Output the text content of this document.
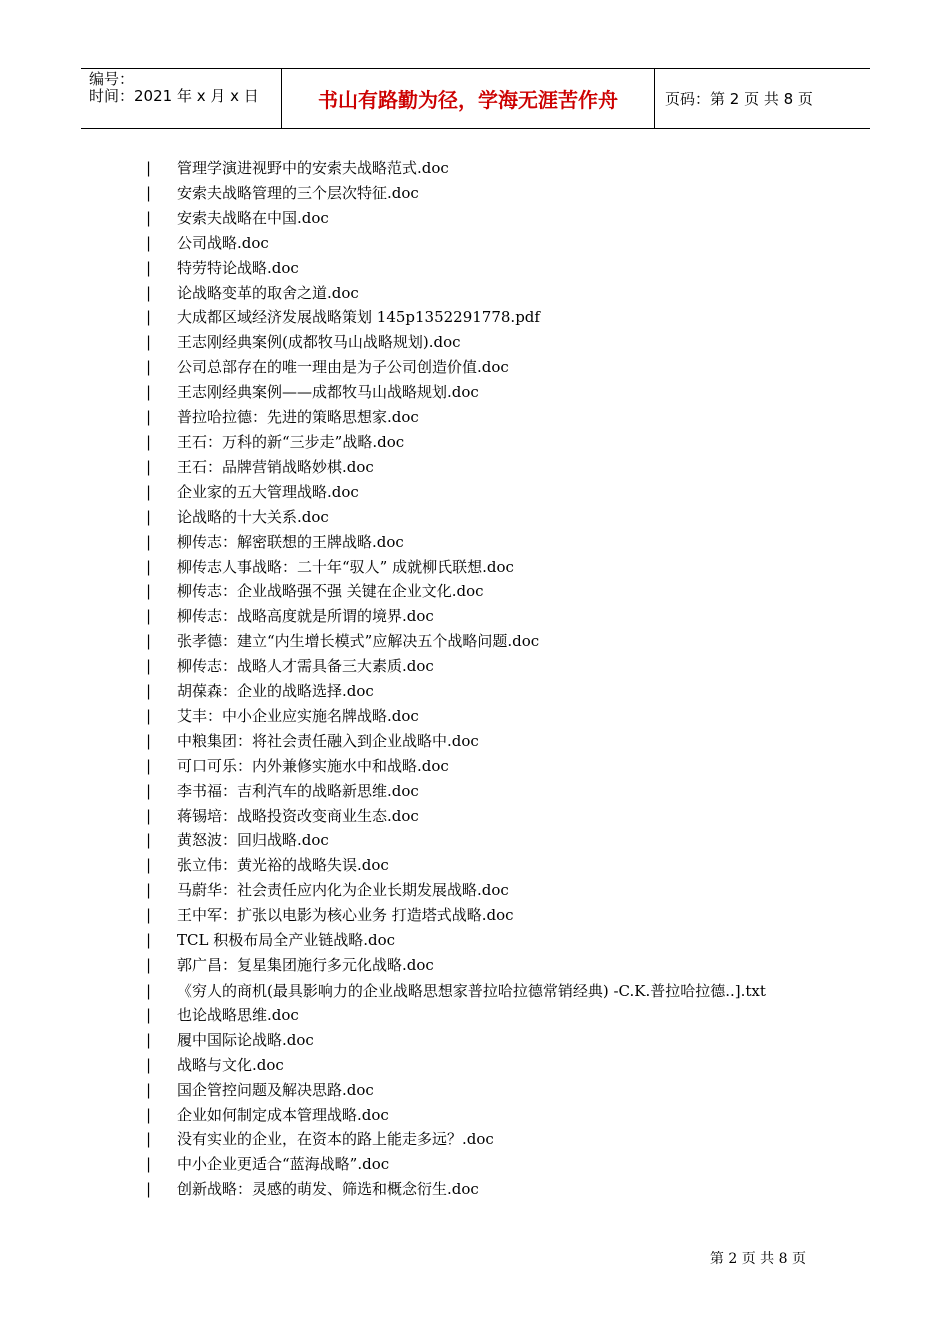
编号：
时间：2021 年 x 月 x 日	书山有路勤为径，学海无涯苦作舟	页码：第 2 页 共 8 页
| 管理学演进视野中的安索夫战略范式.doc
| 安索夫战略管理的三个层次特征.doc
| 安索夫战略在中国.doc
| 公司战略.doc
| 特劳特论战略.doc
| 论战略变革的取舍之道.doc
| 大成都区域经济发展战略策划 145p1352291778.pdf
| 王志刚经典案例(成都牧马山战略规划).doc
| 公司总部存在的唯一理由是为子公司创造价值.doc
| 王志刚经典案例——成都牧马山战略规划.doc
| 普拉哈拉德：先进的策略思想家.doc
| 王石：万科的新“三步走”战略.doc
| 王石：品牌营销战略妙棋.doc
| 企业家的五大管理战略.doc
| 论战略的十大关系.doc
| 柳传志：解密联想的王牌战略.doc
| 柳传志人事战略：二十年“驭人” 成就柳氏联想.doc
| 柳传志：企业战略强不强 关键在企业文化.doc
| 柳传志：战略高度就是所谓的境界.doc
| 张孝德：建立“内生增长模式”应解决五个战略问题.doc
| 柳传志：战略人才需具备三大素质.doc
| 胡葆森：企业的战略选择.doc
| 艾丰：中小企业应实施名牌战略.doc
| 中粮集团：将社会责任融入到企业战略中.doc
| 可口可乐：内外兼修实施水中和战略.doc
| 李书福：吉利汽车的战略新思维.doc
| 蒋锡培：战略投资改变商业生态.doc
| 黄怒波：回归战略.doc
| 张立伟：黄光裕的战略失误.doc
| 马蔚华：社会责任应内化为企业长期发展战略.doc
| 王中军：扩张以电影为核心业务 打造塔式战略.doc
| TCL 积极布局全产业链战略.doc
| 郭广昌：复星集团施行多元化战略.doc
| 《穷人的商机(最具影响力的企业战略思想家普拉哈拉德常销经典) -C.K.普拉哈拉德..].txt
| 也论战略思维.doc
| 履中国际论战略.doc
| 战略与文化.doc
| 国企管控问题及解决思路.doc
| 企业如何制定成本管理战略.doc
| 没有实业的企业，在资本的路上能走多远？.doc
| 中小企业更适合“蓝海战略”.doc
| 创新战略：灵感的萌发、筛选和概念衍生.doc
第 2 页 共 8 页
